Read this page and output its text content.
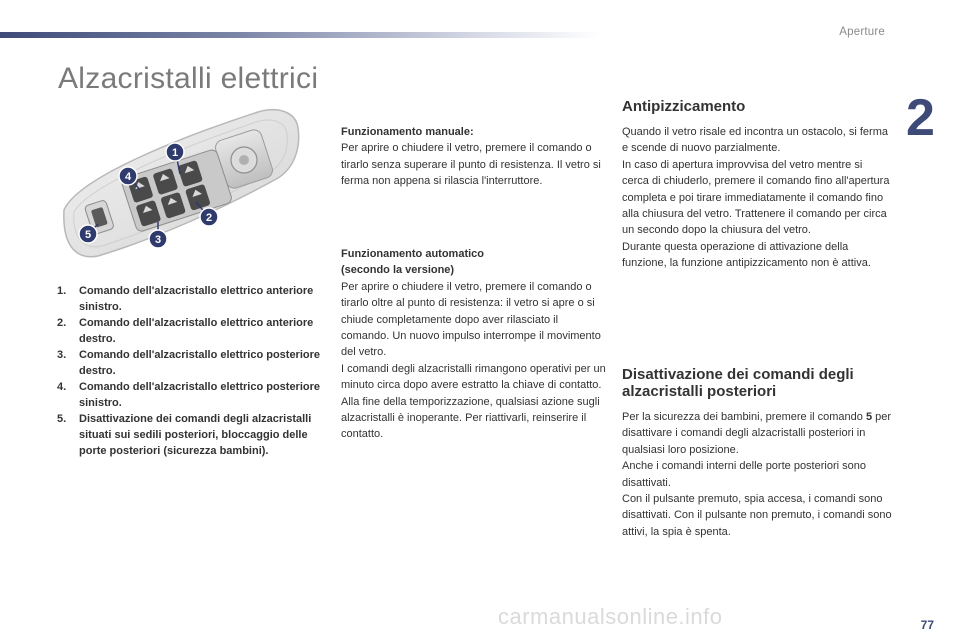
Aperture
2
Alzacristalli elettrici
1
2
3
4
5
1.	Comando dell'alzacristallo elettrico anteriore sinistro.
2.	Comando dell'alzacristallo elettrico anteriore destro.
3.	Comando dell'alzacristallo elettrico posteriore destro.
4.	Comando dell'alzacristallo elettrico posteriore sinistro.
5.	Disattivazione dei comandi degli alzacristalli situati sui sedili posteriori, bloccaggio delle porte posteriori (sicurezza bambini).

Funzionamento manuale:

Per aprire o chiudere il vetro, premere il comando o tirarlo senza superare il punto di resistenza. Il vetro si ferma non appena si rilascia l'interruttore.

Funzionamento automatico

(secondo la versione)

Per aprire o chiudere il vetro, premere il comando o tirarlo oltre al punto di resistenza: il vetro si apre o si chiude completamente dopo aver rilasciato il comando. Un nuovo impulso interrompe il movimento del vetro.

I comandi degli alzacristalli rimangono operativi per un minuto circa dopo avere estratto la chiave di contatto.

Alla fine della temporizzazione, qualsiasi azione sugli alzacristalli è inoperante. Per riattivarli, reinserire il contatto.

Antipizzicamento

Quando il vetro risale ed incontra un ostacolo, si ferma e scende di nuovo parzialmente.

In caso di apertura improvvisa del vetro mentre si cerca di chiuderlo, premere il comando fino all'apertura completa e poi tirare immediatamente il comando fino alla chiusura del vetro. Trattenere il comando per circa un secondo dopo la chiusura del vetro.

Durante questa operazione di attivazione della funzione, la funzione antipizzicamento non è attiva.

Disattivazione dei comandi degli alzacristalli posteriori

Per la sicurezza dei bambini, premere il comando 5 per disattivare i comandi degli alzacristalli posteriori in qualsiasi loro posizione.

Anche i comandi interni delle porte posteriori sono disattivati.

Con il pulsante premuto, spia accesa, i comandi sono disattivati. Con il pulsante non premuto, i comandi sono attivi, la spia è spenta.

77
carmanualsonline.info
